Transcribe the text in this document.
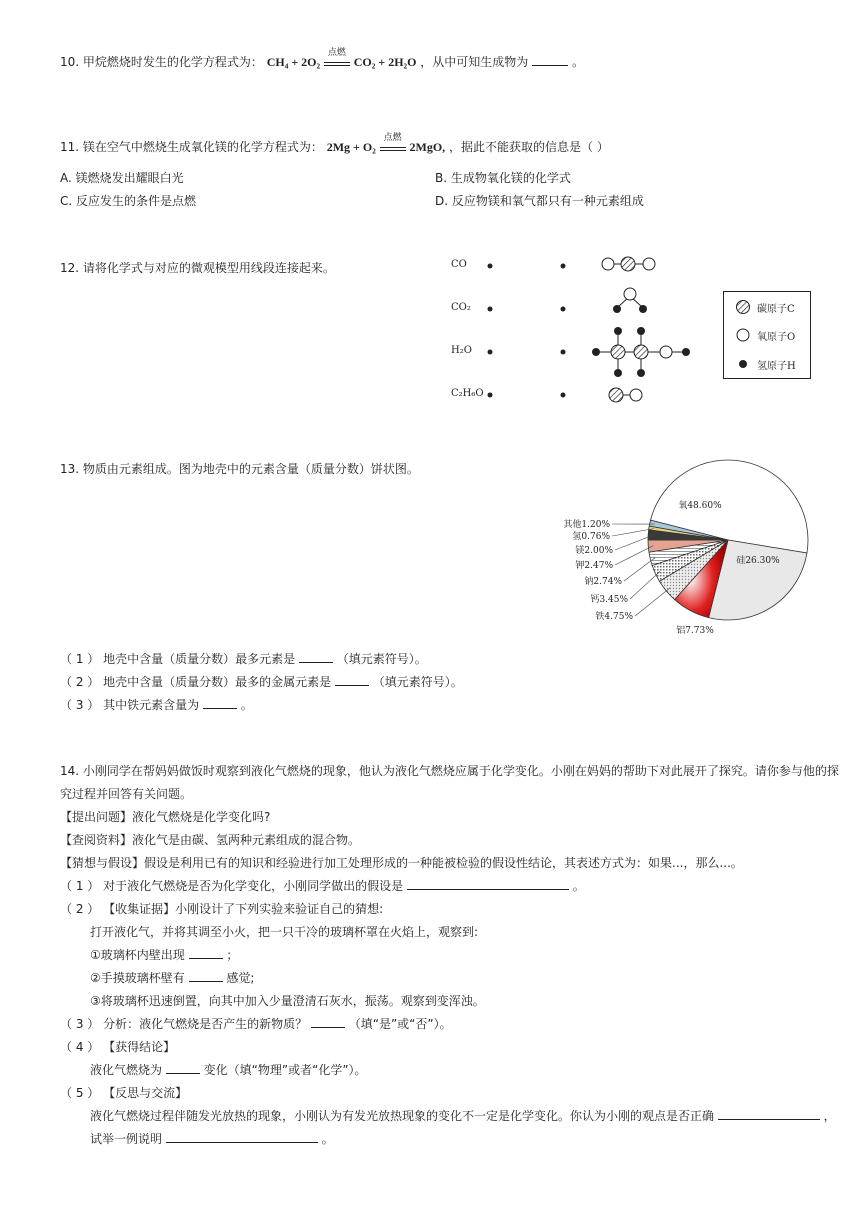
10. 甲烷燃烧时发生的化学方程式为： CH₄ + 2O₂
点燃
CO₂ + 2H₂O ，从中可知生成物为	。
11. 镁在空气中燃烧生成氧化镁的化学方程式为： 2Mg + O₂
点燃
2MgO, ，据此不能获取的信息是（ ）
A. 镁燃烧发出耀眼白光	B. 生成物氧化镁的化学式
C. 反应发生的条件是点燃	D. 反应物镁和氧气都只有一种元素组成
12. 请将化学式与对应的微观模型用线段连接起来。	CO
CO₂
H₂O
C₂H₆O
碳原子C
氧原子O
氢原子H
13. 物质由元素组成。图为地壳中的元素含量（质量分数）饼状图。
氧48.60%
硅26.30%
铝7.73%
铁4.75%
钙3.45%
钠2.74%
钾2.47%
镁2.00%
氢0.76%
其他1.20%
（ 1 ） 地壳中含量（质量分数）最多元素是	（填元素符号）。
（ 2 ） 地壳中含量（质量分数）最多的金属元素是	（填元素符号）。
（ 3 ） 其中铁元素含量为	。
14. 小刚同学在帮妈妈做饭时观察到液化气燃烧的现象，他认为液化气燃烧应属于化学变化。小刚在妈妈的帮助下对此展开了探究。请你参与他的探
究过程并回答有关问题。
【提出问题】液化气燃烧是化学变化吗?
【查阅资料】液化气是由碳、氢两种元素组成的混合物。
【猜想与假设】假设是利用已有的知识和经验进行加工处理形成的一种能被检验的假设性结论，其表述方式为：如果...，那么...。
（ 1 ） 对于液化气燃烧是否为化学变化，小刚同学做出的假设是	。
（ 2 ） 【收集证据】小刚设计了下列实验来验证自己的猜想:
打开液化气，并将其调至小火，把一只干冷的玻璃杯罩在火焰上，观察到:
①玻璃杯内壁出现	；
②手摸玻璃杯壁有	感觉;
③将玻璃杯迅速倒置，向其中加入少量澄清石灰水，振荡。观察到变浑浊。
（ 3 ） 分析：液化气燃烧是否产生的新物质？	（填“是”或“否”）。
（ 4 ） 【获得结论】
液化气燃烧为	变化（填“物理”或者“化学”）。
（ 5 ） 【反思与交流】
液化气燃烧过程伴随发光放热的现象，小刚认为有发光放热现象的变化不一定是化学变化。你认为小刚的观点是否正确	，
试举一例说明	。
